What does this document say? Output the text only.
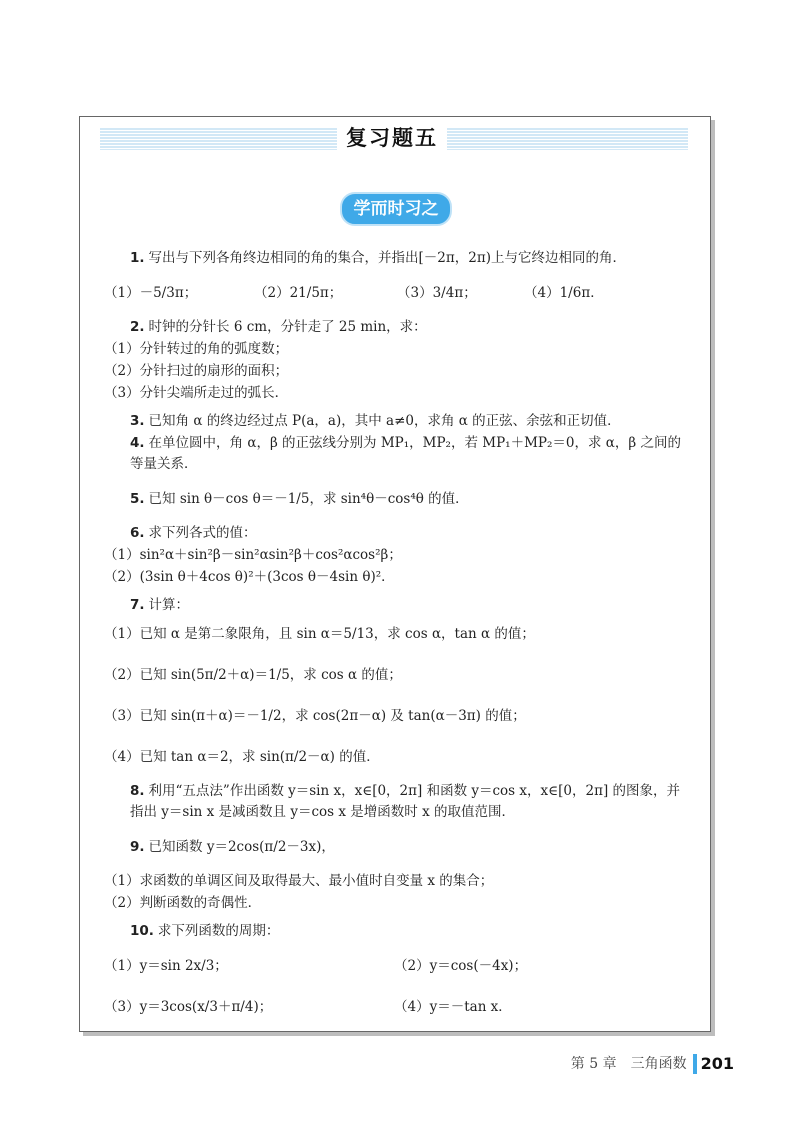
复习题五
学而时习之
1. 写出与下列各角终边相同的角的集合，并指出[－2π，2π)上与它终边相同的角．
（1）－5/3π；	（2）21/5π；	（3）3/4π；	（4）1/6π．
2. 时钟的分针长 6 cm，分针走了 25 min，求：
（1）分针转过的角的弧度数；
（2）分针扫过的扇形的面积；
（3）分针尖端所走过的弧长．
3. 已知角 α 的终边经过点 P(a，a)，其中 a≠0，求角 α 的正弦、余弦和正切值．
4. 在单位圆中，角 α，β 的正弦线分别为 MP₁，MP₂，若 MP₁＋MP₂＝0，求 α，β 之间的等量关系．
5. 已知 sin θ－cos θ＝－1/5，求 sin⁴θ－cos⁴θ 的值．
6. 求下列各式的值：
（1）sin²α＋sin²β－sin²αsin²β＋cos²αcos²β；
（2）(3sin θ＋4cos θ)²＋(3cos θ－4sin θ)²．
7. 计算：
（1）已知 α 是第二象限角，且 sin α＝5/13，求 cos α，tan α 的值；
（2）已知 sin(5π/2＋α)＝1/5，求 cos α 的值；
（3）已知 sin(π＋α)＝－1/2，求 cos(2π－α) 及 tan(α－3π) 的值；
（4）已知 tan α＝2，求 sin(π/2－α) 的值．
8. 利用“五点法”作出函数 y＝sin x，x∈[0，2π] 和函数 y＝cos x，x∈[0，2π] 的图象，并指出 y＝sin x 是减函数且 y＝cos x 是增函数时 x 的取值范围．
9. 已知函数 y＝2cos(π/2－3x)，
（1）求函数的单调区间及取得最大、最小值时自变量 x 的集合；
（2）判断函数的奇偶性．
10. 求下列函数的周期：
（1）y＝sin 2x/3；	（2）y＝cos(－4x)；
（3）y＝3cos(x/3＋π/4)；	（4）y＝－tan x．
第 5 章　三角函数 201
